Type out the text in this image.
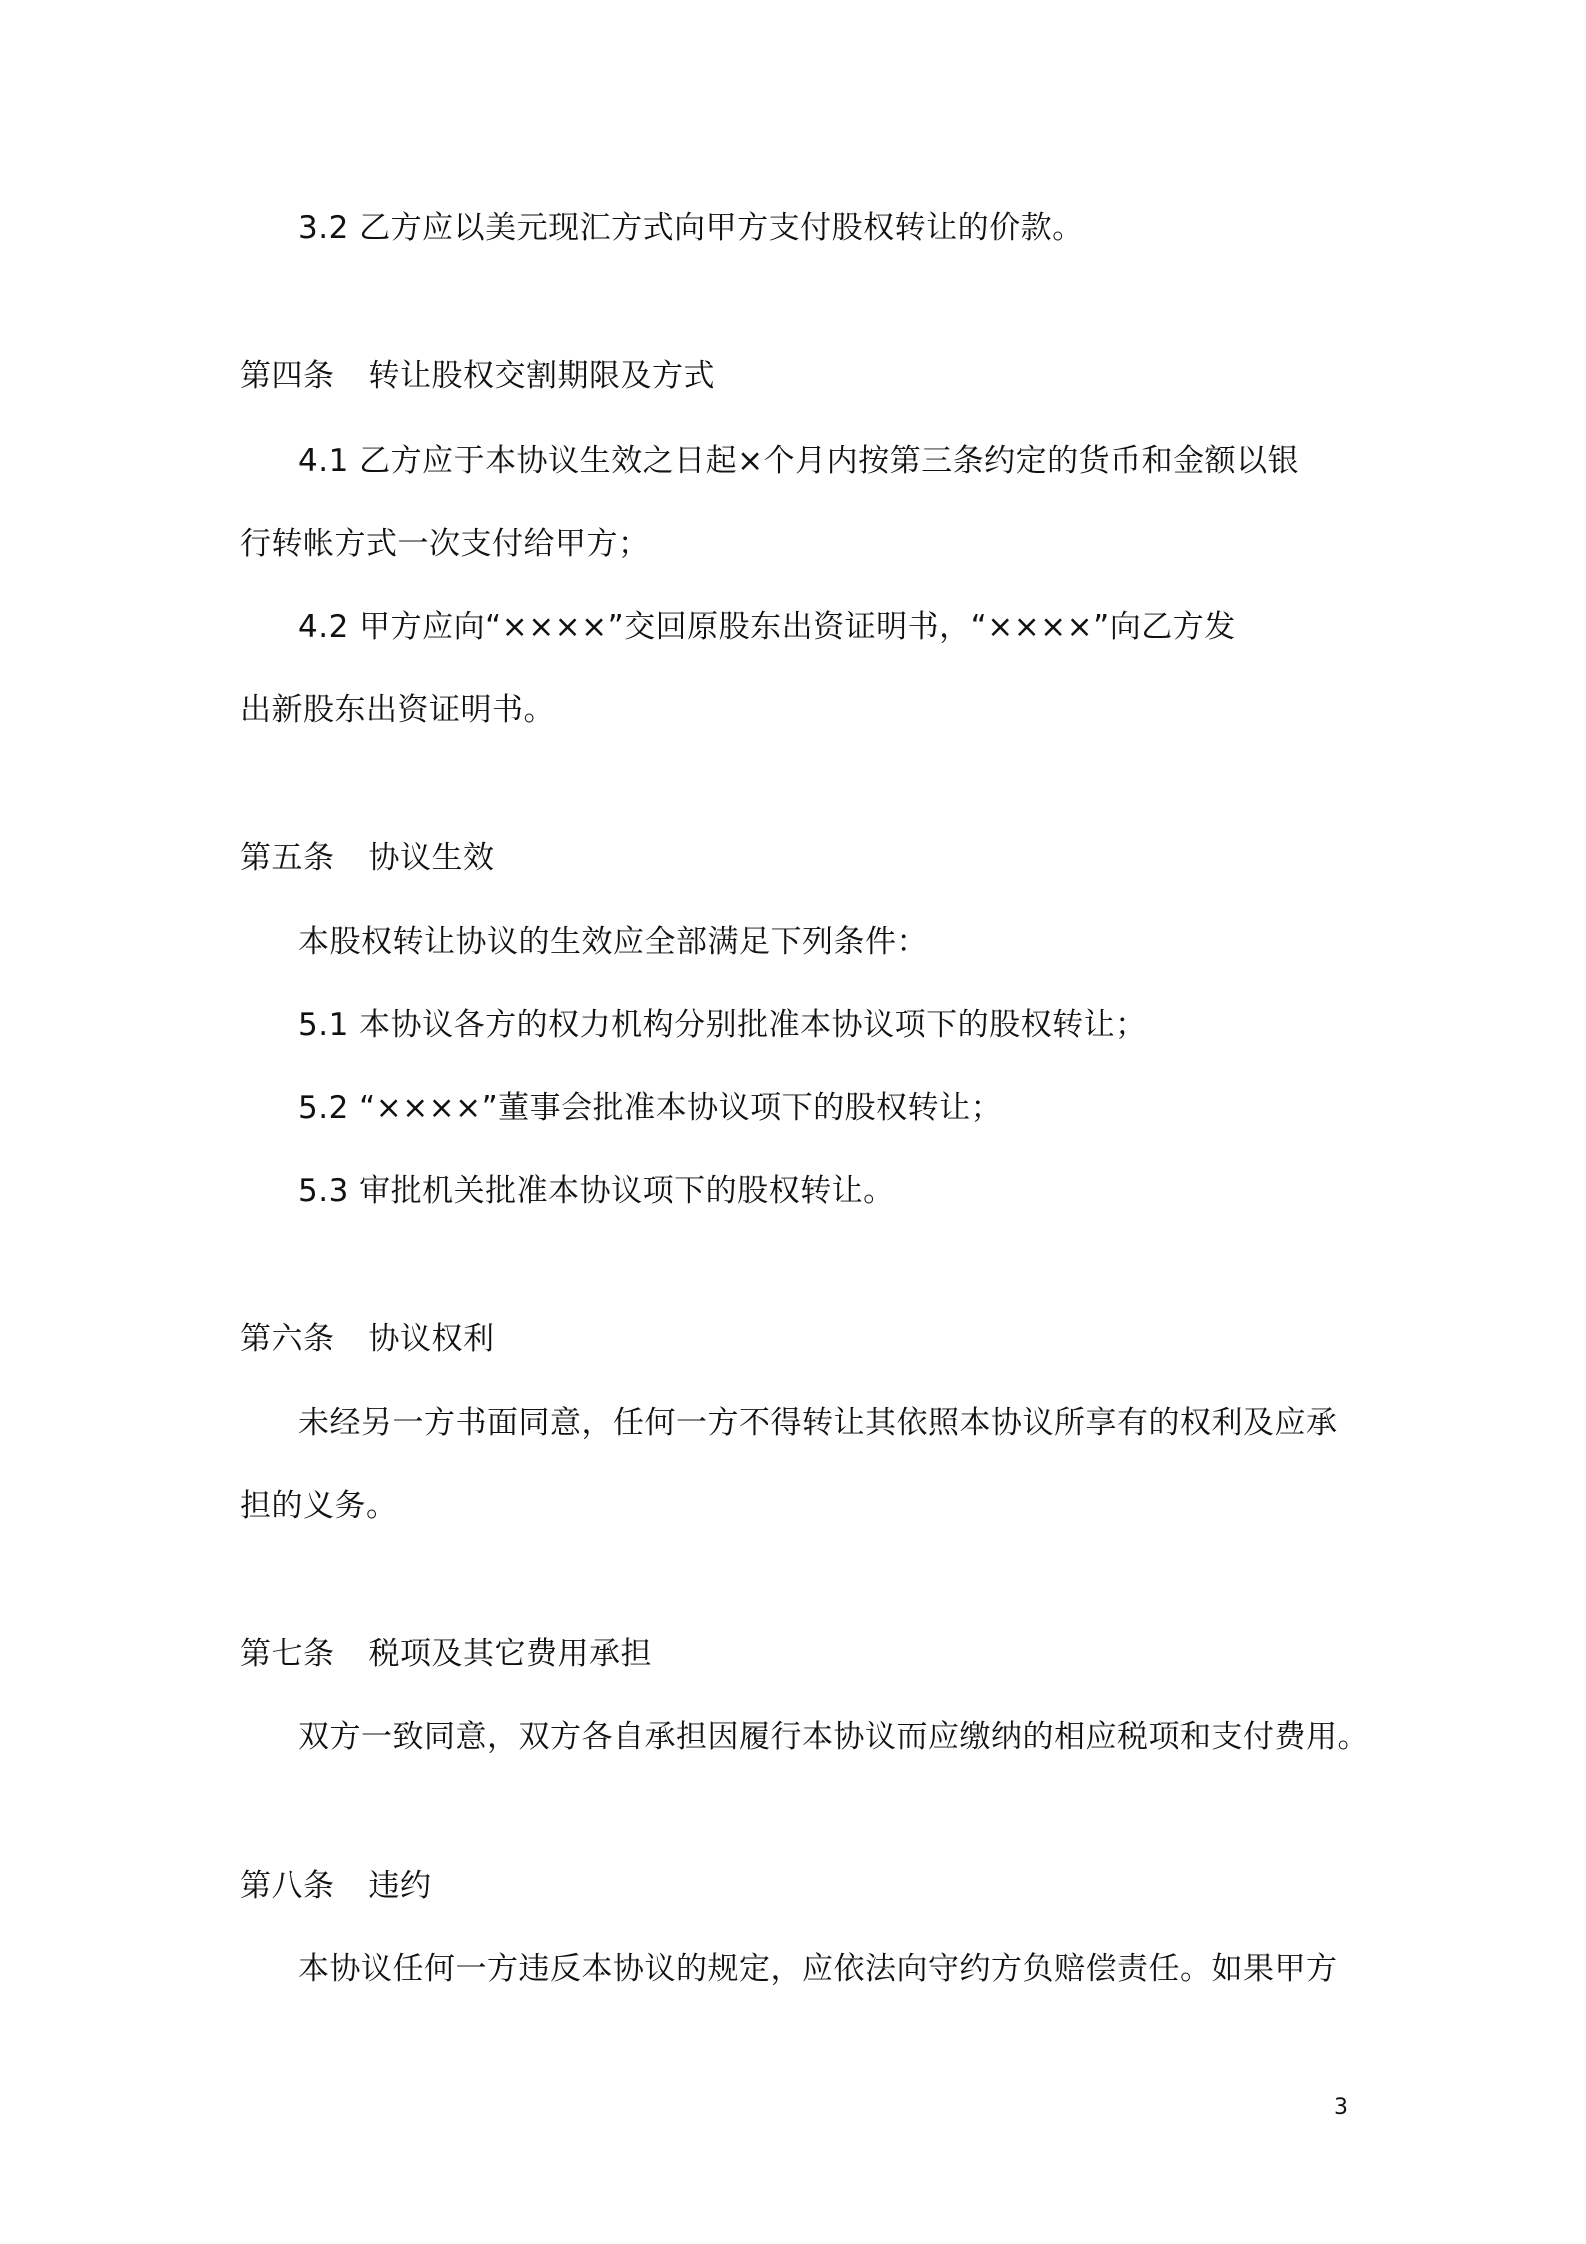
3.2 乙方应以美元现汇方式向甲方支付股权转让的价款。
第四条 转让股权交割期限及方式
4.1 乙方应于本协议生效之日起×个月内按第三条约定的货币和金额以银
行转帐方式一次支付给甲方；
4.2 甲方应向“××××”交回原股东出资证明书，“××××”向乙方发
出新股东出资证明书。
第五条 协议生效
本股权转让协议的生效应全部满足下列条件：
5.1 本协议各方的权力机构分别批准本协议项下的股权转让；
5.2 “××××”董事会批准本协议项下的股权转让；
5.3 审批机关批准本协议项下的股权转让。
第六条 协议权利
未经另一方书面同意，任何一方不得转让其依照本协议所享有的权利及应承
担的义务。
第七条 税项及其它费用承担
双方一致同意，双方各自承担因履行本协议而应缴纳的相应税项和支付费用。
第八条 违约
本协议任何一方违反本协议的规定，应依法向守约方负赔偿责任。如果甲方
3
